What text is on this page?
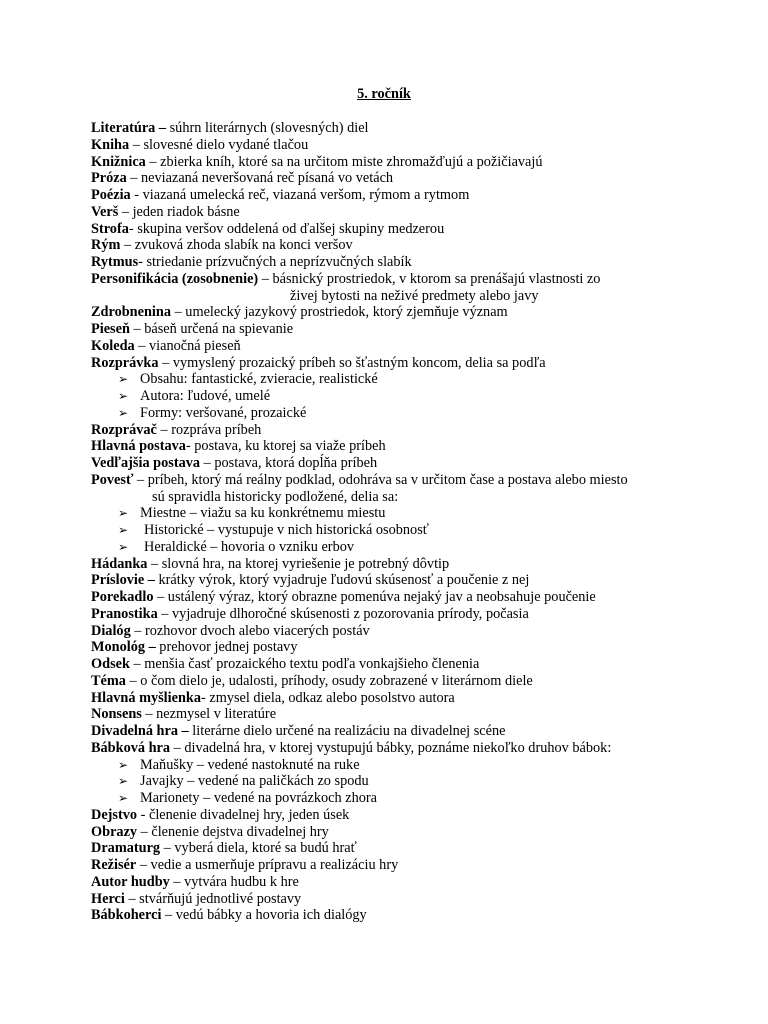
5. ročník
Literatúra – súhrn literárnych (slovesných) diel
Kniha – slovesné dielo vydané tlačou
Knižnica – zbierka kníh, ktoré sa na určitom miste zhromažďujú a požičiavajú
Próza – neviazaná neveršovaná reč písaná vo vetách
Poézia - viazaná umelecká reč, viazaná veršom, rýmom a rytmom
Verš – jeden riadok básne
Strofa- skupina veršov oddelená od ďalšej skupiny medzerou
Rým – zvuková zhoda slabík na konci veršov
Rytmus- striedanie prízvučných a neprízvučných slabík
Personifikácia (zosobnenie) – básnický prostriedok, v ktorom sa prenášajú vlastnosti zo
živej bytosti na neživé predmety alebo javy
Zdrobnenina – umelecký jazykový prostriedok, ktorý zjemňuje význam
Pieseň – báseň určená na spievanie
Koleda – vianočná pieseň
Rozprávka – vymyslený prozaický príbeh so šťastným koncom, delia sa podľa
➢ Obsahu: fantastické, zvieracie, realistické
➢ Autora: ľudové, umelé
➢ Formy: veršované, prozaické
Rozprávač – rozpráva príbeh
Hlavná postava- postava, ku ktorej sa viaže príbeh
Vedľajšia postava – postava, ktorá dopĺňa príbeh
Povesť – príbeh, ktorý má reálny podklad, odohráva sa v určitom čase a postava alebo miesto
sú spravidla historicky podložené, delia sa:
➢ Miestne – viažu sa ku konkrétnemu miestu
➢ Historické – vystupuje v nich historická osobnosť
➢ Heraldické – hovoria o vzniku erbov
Hádanka – slovná hra, na ktorej vyriešenie je potrebný dôvtip
Príslovie – krátky výrok, ktorý vyjadruje ľudovú skúsenosť a poučenie z nej
Porekadlo – ustálený výraz, ktorý obrazne pomenúva nejaký jav a neobsahuje poučenie
Pranostika – vyjadruje dlhoročné skúsenosti z pozorovania prírody, počasia
Dialóg – rozhovor dvoch alebo viacerých postáv
Monológ – prehovor jednej postavy
Odsek – menšia časť prozaického textu podľa vonkajšieho členenia
Téma – o čom dielo je, udalosti, príhody, osudy zobrazené v literárnom diele
Hlavná myšlienka- zmysel diela, odkaz alebo posolstvo autora
Nonsens – nezmysel v literatúre
Divadelná hra – literárne dielo určené na realizáciu na divadelnej scéne
Bábková hra – divadelná hra, v ktorej vystupujú bábky, poznáme niekoľko druhov bábok:
➢ Maňušky – vedené nastoknuté na ruke
➢ Javajky – vedené na paličkách zo spodu
➢ Marionety – vedené na povrázkoch zhora
Dejstvo - členenie divadelnej hry, jeden úsek
Obrazy – členenie dejstva divadelnej hry
Dramaturg – vyberá diela, ktoré sa budú hrať
Režisér – vedie a usmerňuje prípravu a realizáciu hry
Autor hudby – vytvára hudbu k hre
Herci – stvárňujú jednotlivé postavy
Bábkoherci – vedú bábky a hovoria ich dialógy
